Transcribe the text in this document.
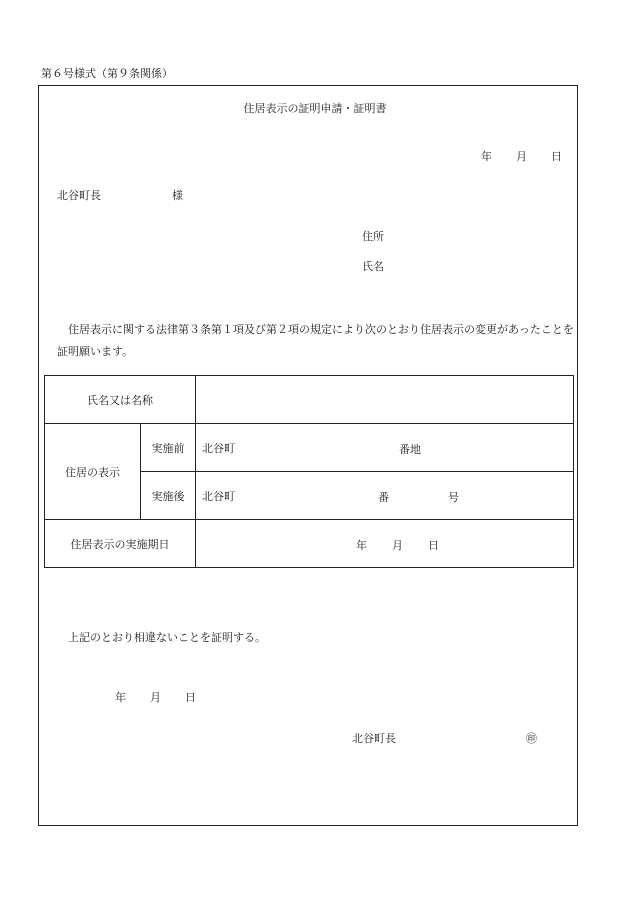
第６号様式（第９条関係）
住居表示の証明申請・証明書
年 月 日
北谷町長	様
住所
氏名
住居表示に関する法律第３条第１項及び第２項の規定により次のとおり住居表示の変更があったことを証明願います。
氏名又は名称		
住居の表示	実施前	北谷町 番地

	実施後	北谷町 番 号

住居表示の実施期日		年 月 日
上記のとおり相違ないことを証明する。
年 月 日
北谷町長	㊞
